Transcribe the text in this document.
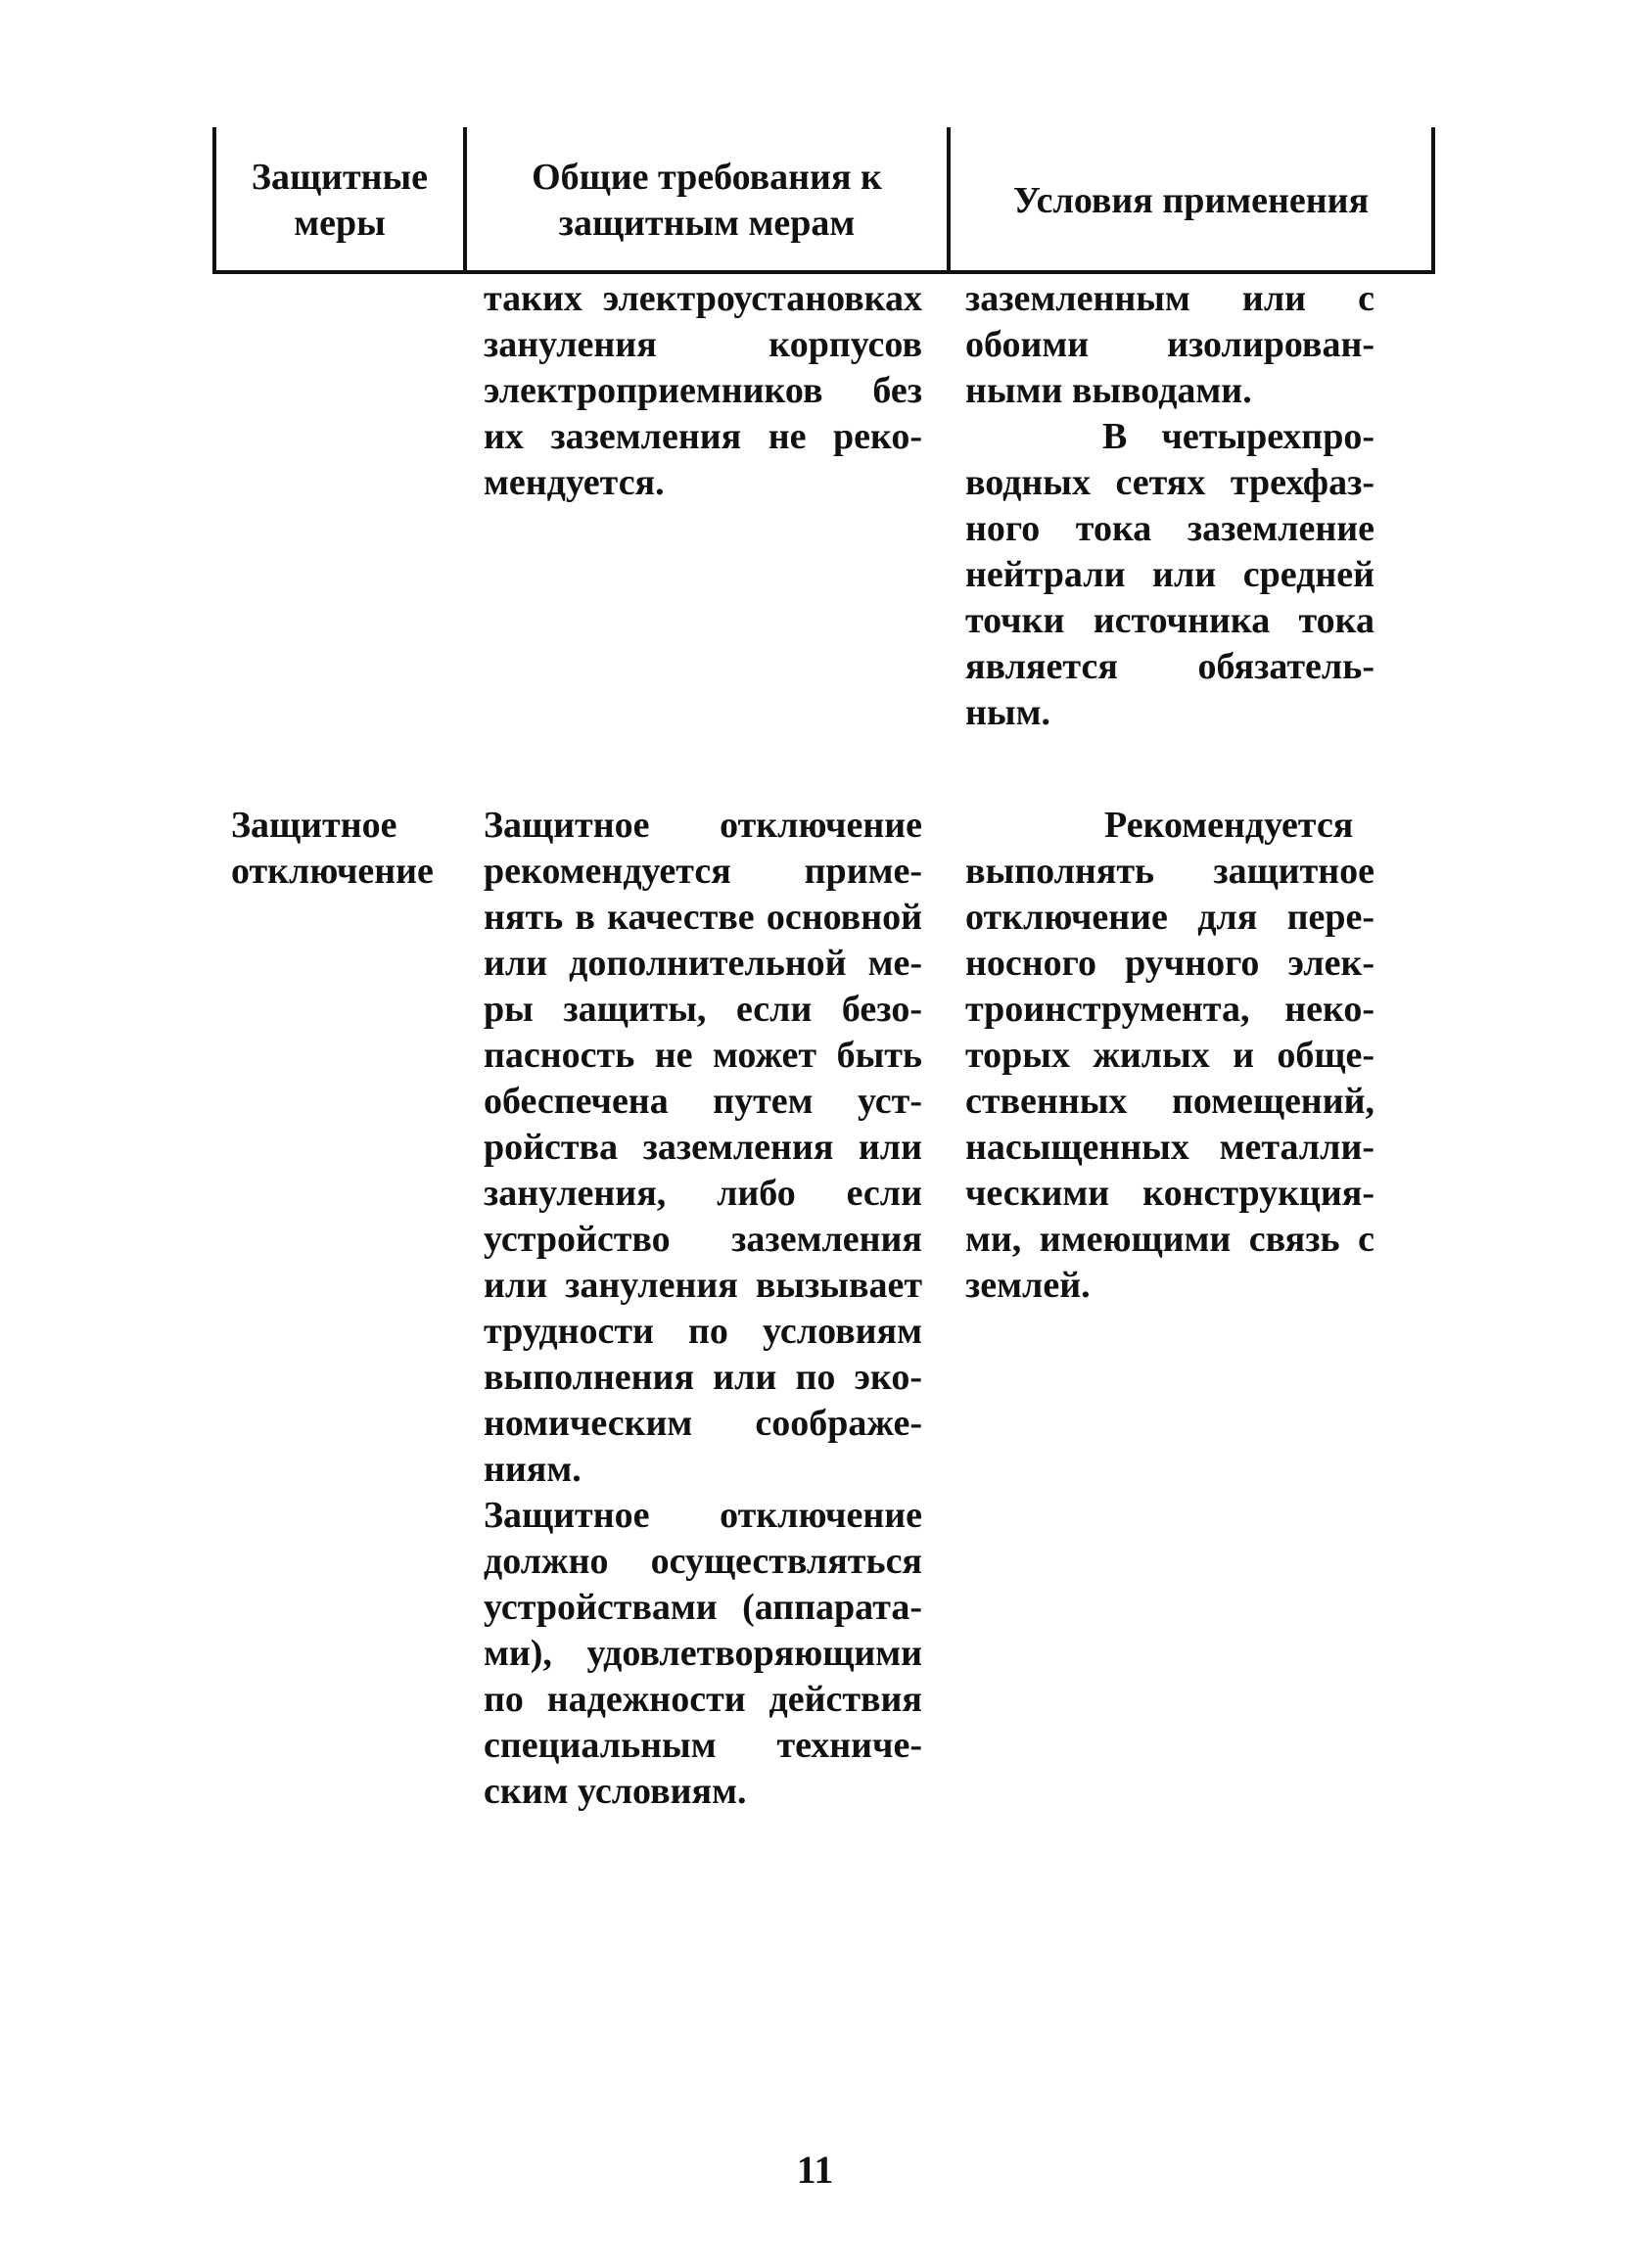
Защитные
меры
Общие требования к
защитным мерам
Условия применения
таких электроустановках
зануления корпусов
электроприемников без
их заземления не реко-
мендуется.
заземленным или с
обоими изолирован-
ными выводами.
В четырехпро-
водных сетях трехфаз-
ного тока заземление
нейтрали или средней
точки источника тока
является обязатель-
ным.
Защитное
отключение
Защитное отключение
рекомендуется приме-
нять в качестве основной
или дополнительной ме-
ры защиты, если безо-
пасность не может быть
обеспечена путем уст-
ройства заземления или
зануления, либо если
устройство заземления
или зануления вызывает
трудности по условиям
выполнения или по эко-
номическим соображе-
ниям.
Защитное отключение
должно осуществляться
устройствами (аппарата-
ми), удовлетворяющими
по надежности действия
специальным техниче-
ским условиям.
Рекомендуется
выполнять защитное
отключение для пере-
носного ручного элек-
троинструмента, неко-
торых жилых и обще-
ственных помещений,
насыщенных металли-
ческими конструкция-
ми, имеющими связь с
землей.
11
